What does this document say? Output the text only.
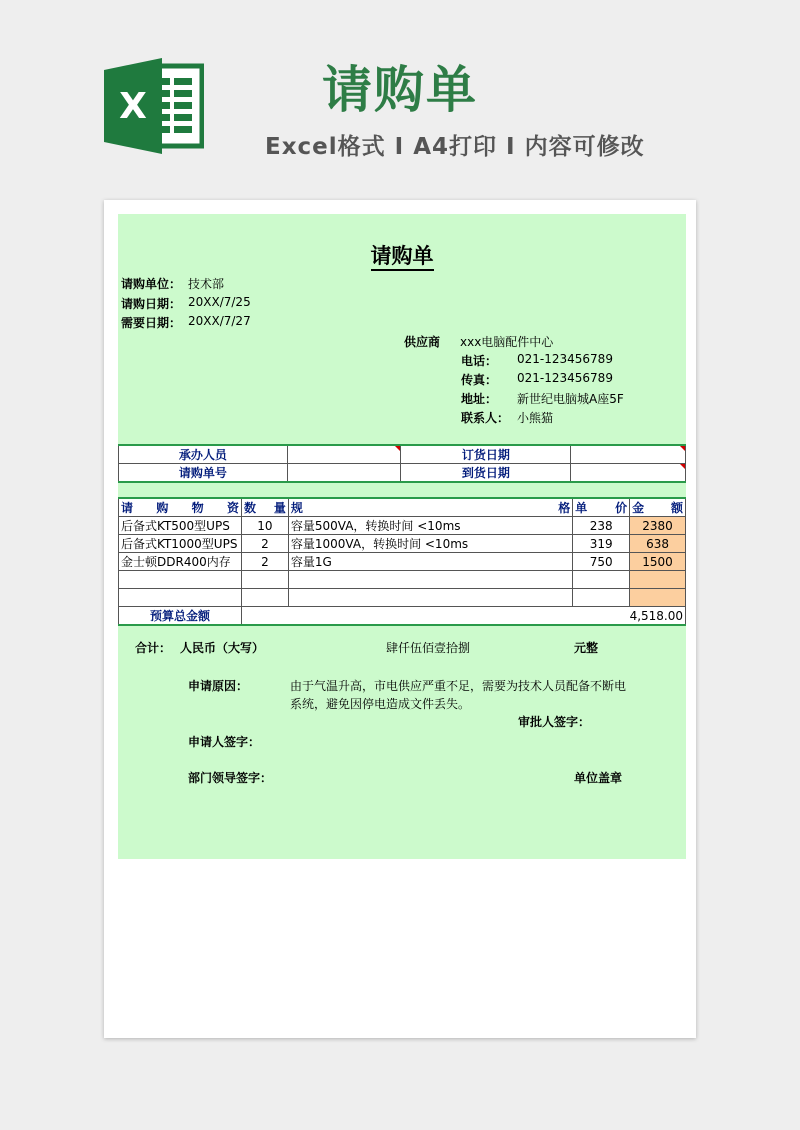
X	请购单
Excel格式 I A4打印 I 内容可修改
请购单
请购单位： 技术部
请购日期： 20XX/7/25
需要日期： 20XX/7/27
供应商 xxx电脑配件中心
电话： 021-123456789
传真： 021-123456789
地址： 新世纪电脑城A座5F
联系人： 小熊猫
承办人员		订货日期	
请购单号		到货日期	
请 购 物 资	数 量	规 格	单 价	金 额

后备式KT500型UPS	10	容量500VA，转换时间 <10ms	238	2380
后备式KT1000型UPS	2	容量1000VA，转换时间 <10ms	319	638
金士顿DDR400内存	2	容量1G	750	1500

预算总金额	4,518.00			
合计： 人民币（大写）	肆仟伍佰壹拾捌	元整
申请原因：	由于气温升高，市电供应严重不足，需要为技术人员配备不断电
系统，避免因停电造成文件丢失。
审批人签字：
申请人签字：
部门领导签字：	单位盖章
